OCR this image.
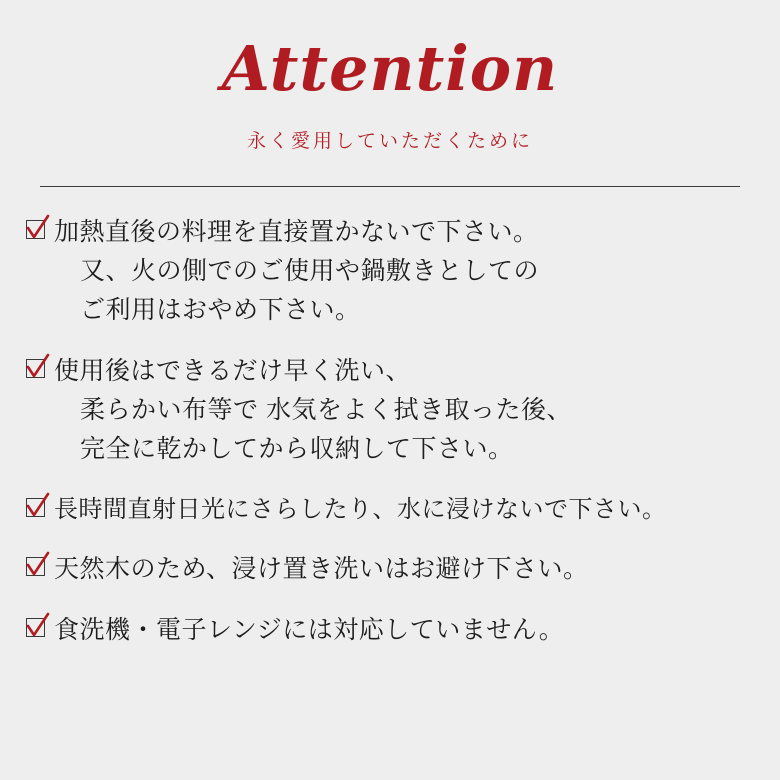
Attention
永く愛用していただくために
加熱直後の料理を直接置かないで下さい。
又、火の側でのご使用や鍋敷きとしての
ご利用はおやめ下さい。
使用後はできるだけ早く洗い、
柔らかい布等で 水気をよく拭き取った後、
完全に乾かしてから収納して下さい。
長時間直射日光にさらしたり、水に浸けないで下さい。
天然木のため、浸け置き洗いはお避け下さい。
食洗機・電子レンジには対応していません。
